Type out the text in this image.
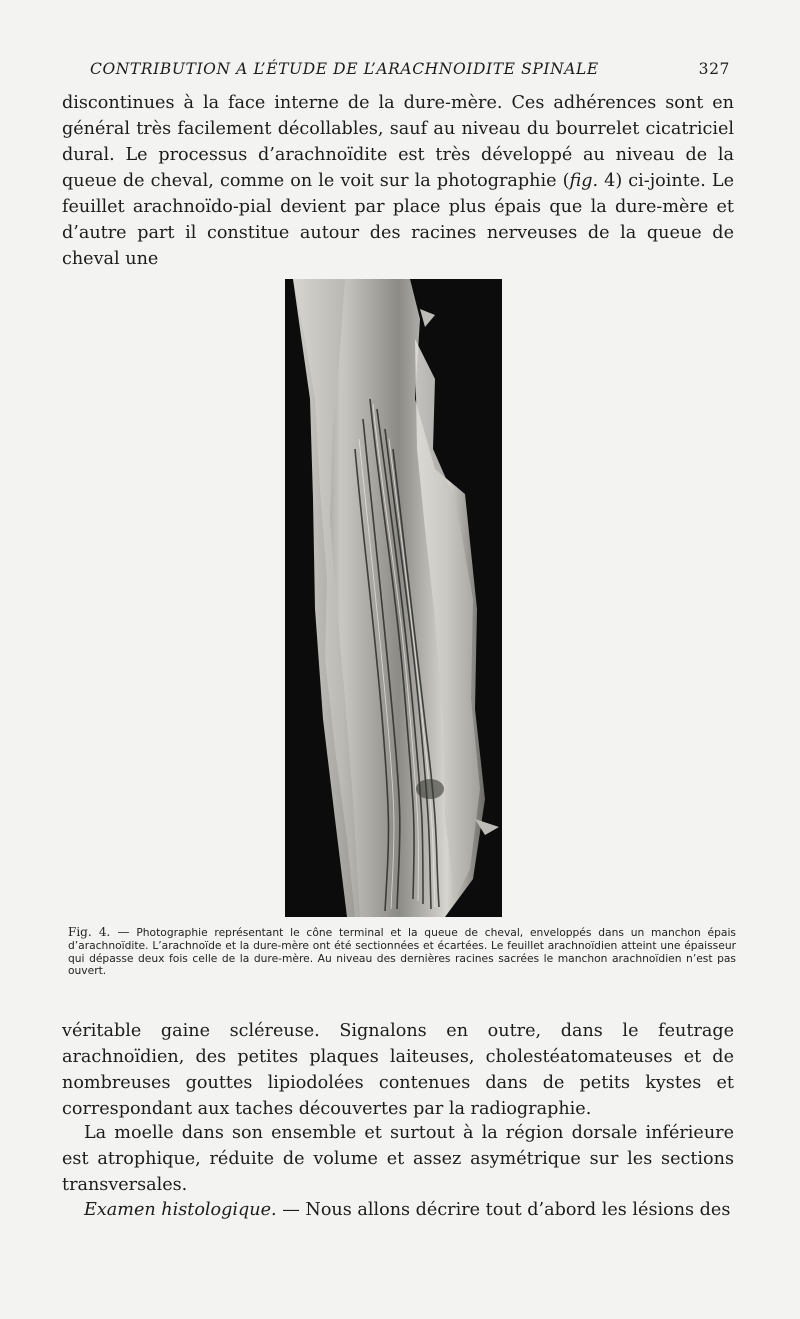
CONTRIBUTION A L’ÉTUDE DE L’ARACHNOIDITE SPINALE	327

discontinues à la face interne de la dure-mère. Ces adhérences sont en général très facilement décollables, sauf au niveau du bourrelet cicatriciel dural. Le processus d’arachnoïdite est très développé au niveau de la queue de cheval, comme on le voit sur la photographie (fig. 4) ci-jointe. Le feuillet arachnoïdo-pial devient par place plus épais que la dure-mère et d’autre part il constitue autour des racines nerveuses de la queue de cheval une

Fig. 4. — Photographie représentant le cône terminal et la queue de cheval, enveloppés dans un manchon épais d’arachnoïdite. L’arachnoïde et la dure-mère ont été sectionnées et écartées. Le feuillet arachnoïdien atteint une épaisseur qui dépasse deux fois celle de la dure-mère. Au niveau des dernières racines sacrées le manchon arachnoïdien n’est pas ouvert.

véritable gaine scléreuse. Signalons en outre, dans le feutrage arachnoïdien, des petites plaques laiteuses, cholestéatomateuses et de nombreuses gouttes lipiodolées contenues dans de petits kystes et correspondant aux taches découvertes par la radiographie.

La moelle dans son ensemble et surtout à la région dorsale inférieure est atrophique, réduite de volume et assez asymétrique sur les sections transversales.

Examen histologique. — Nous allons décrire tout d’abord les lésions des
